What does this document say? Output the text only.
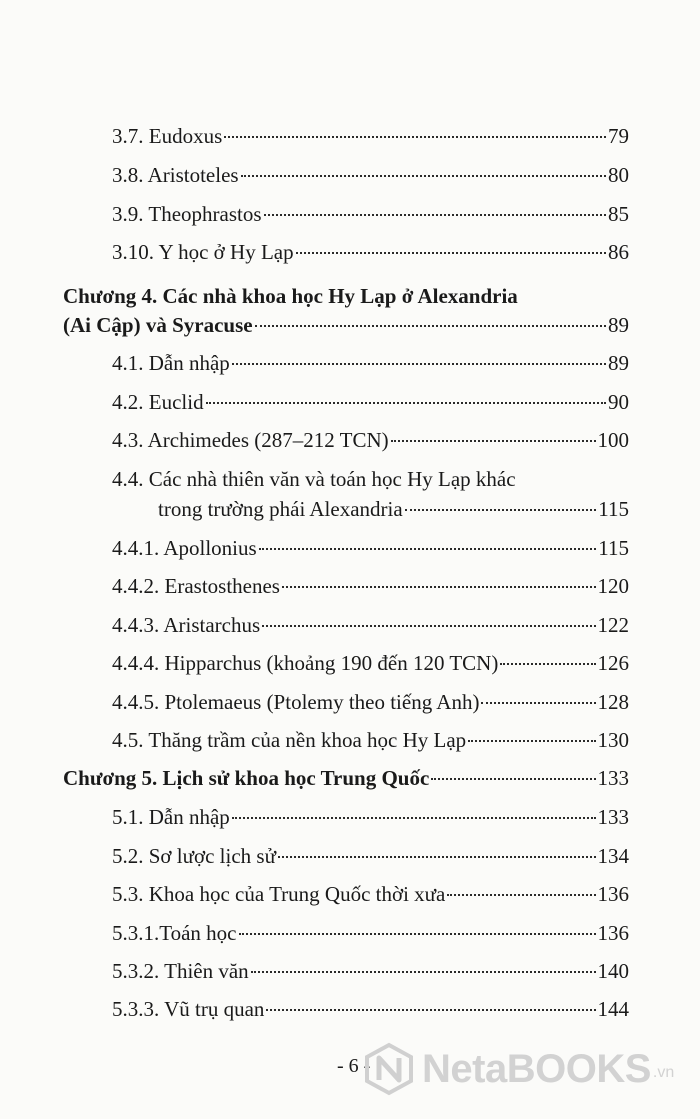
3.7. Eudoxus	79
3.8. Aristoteles	80
3.9. Theophrastos	85
3.10. Y học ở Hy Lạp	86
Chương 4. Các nhà khoa học Hy Lạp ở Alexandria
(Ai Cập) và Syracuse	89
4.1. Dẫn nhập	89
4.2. Euclid	90
4.3. Archimedes (287–212 TCN)	100
4.4. Các nhà thiên văn và toán học Hy Lạp khác
trong trường phái Alexandria	115
4.4.1. Apollonius	115
4.4.2. Erastosthenes	120
4.4.3. Aristarchus	122
4.4.4. Hipparchus (khoảng 190 đến 120 TCN)	126
4.4.5. Ptolemaeus (Ptolemy theo tiếng Anh)	128
4.5. Thăng trầm của nền khoa học Hy Lạp	130
Chương 5. Lịch sử khoa học Trung Quốc	133
5.1. Dẫn nhập	133
5.2. Sơ lược lịch sử	134
5.3. Khoa học của Trung Quốc thời xưa	136
5.3.1.Toán học	136
5.3.2. Thiên văn	140
5.3.3. Vũ trụ quan	144
- 6 - NetaBOOKS .vn
